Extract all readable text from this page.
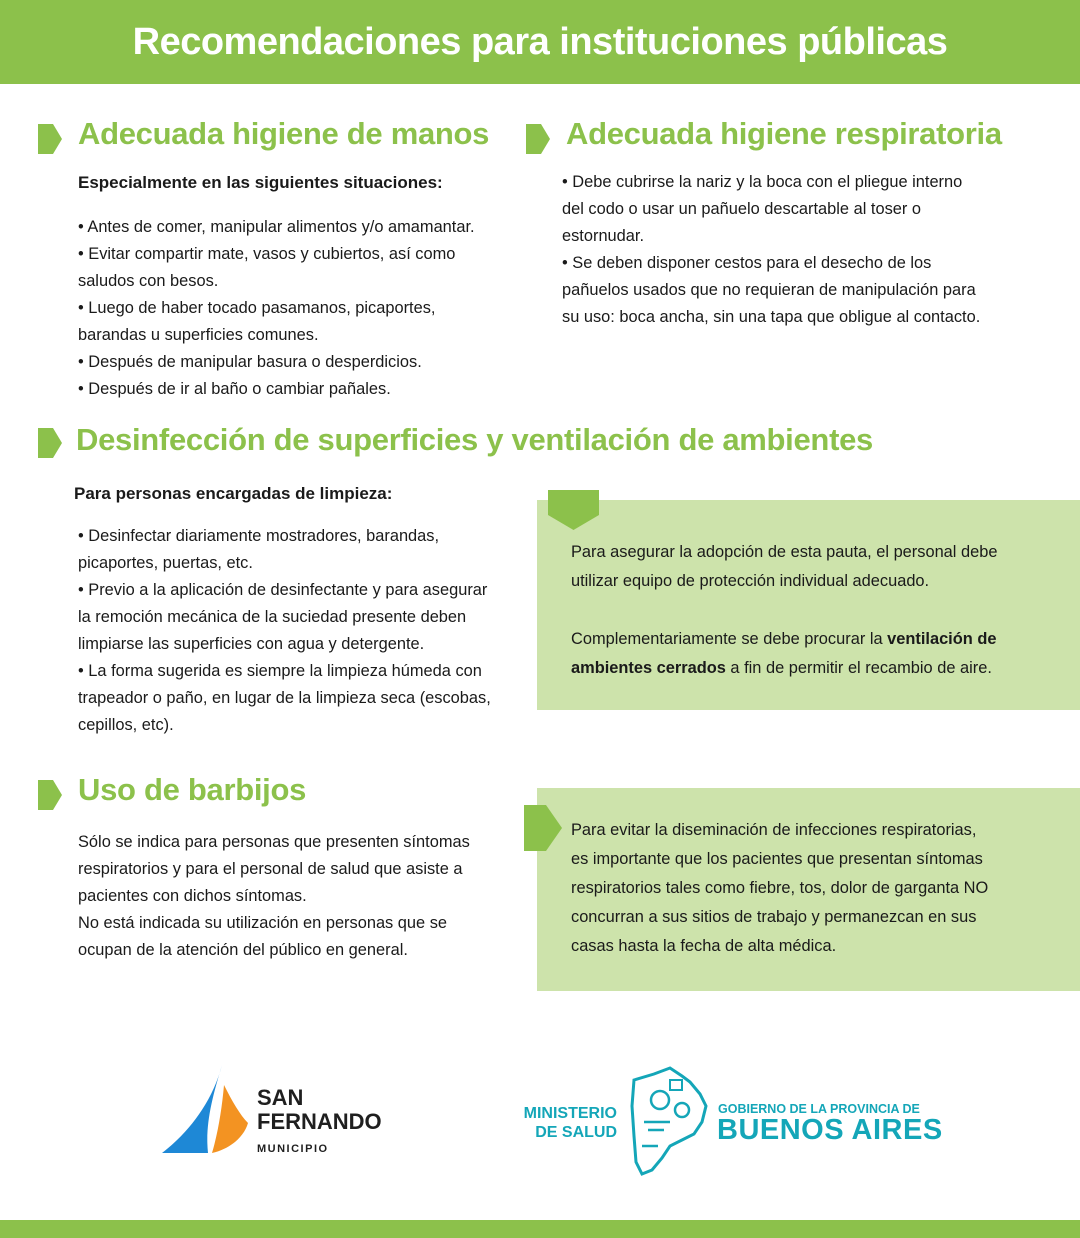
Recomendaciones para instituciones públicas
Adecuada higiene de manos
Especialmente en las siguientes situaciones:
• Antes de comer, manipular alimentos y/o amamantar.
• Evitar compartir mate, vasos y cubiertos, así como
saludos con besos.
• Luego de haber tocado pasamanos, picaportes,
barandas u superficies comunes.
• Después de manipular basura o desperdicios.
• Después de ir al baño o cambiar pañales.
Adecuada higiene respiratoria
• Debe cubrirse la nariz y la boca con el pliegue interno
del codo o usar un pañuelo descartable al toser o
estornudar.
• Se deben disponer cestos para el desecho de los
pañuelos usados que no requieran de manipulación para
su uso: boca ancha, sin una tapa que obligue al contacto.
Desinfección de superficies y ventilación de ambientes
Para personas encargadas de limpieza:
• Desinfectar diariamente mostradores, barandas,
picaportes, puertas, etc.
• Previo a la aplicación de desinfectante y para asegurar
la remoción mecánica de la suciedad presente deben
limpiarse las superficies con agua y detergente.
• La forma sugerida es siempre la limpieza húmeda con
trapeador o paño, en lugar de la limpieza seca (escobas,
cepillos, etc).
Para asegurar la adopción de esta pauta, el personal debe
utilizar equipo de protección individual adecuado.
Complementariamente se debe procurar la ventilación de
ambientes cerrados a fin de permitir el recambio de aire.
Uso de barbijos
Sólo se indica para personas que presenten síntomas
respiratorios y para el personal de salud que asiste a
pacientes con dichos síntomas.
No está indicada su utilización en personas que se
ocupan de la atención del público en general.
Para evitar la diseminación de infecciones respiratorias,
es importante que los pacientes que presentan síntomas
respiratorios tales como fiebre, tos, dolor de garganta NO
concurran a sus sitios de trabajo y permanezcan en sus
casas hasta la fecha de alta médica.
SAN
FERNANDO
MUNICIPIO
MINISTERIO
DE SALUD
GOBIERNO DE LA PROVINCIA DE
BUENOS AIRES
